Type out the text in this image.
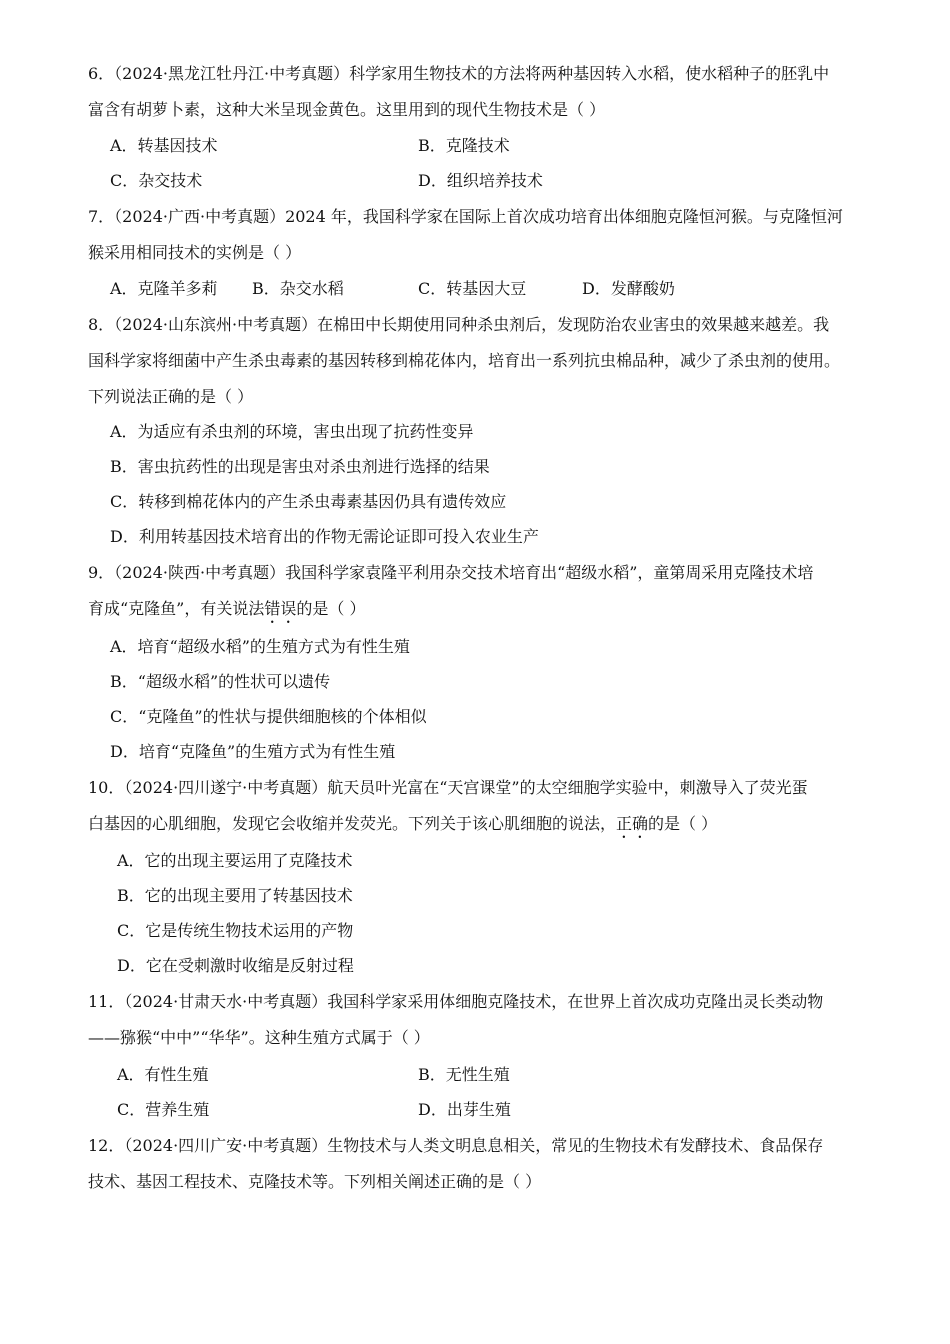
6．（2024·黑龙江牡丹江·中考真题）科学家用生物技术的方法将两种基因转入水稻，使水稻种子的胚乳中
富含有胡萝卜素，这种大米呈现金黄色。这里用到的现代生物技术是（ ）
A．转基因技术	B．克隆技术
C．杂交技术	D．组织培养技术
7．（2024·广西·中考真题）2024 年，我国科学家在国际上首次成功培育出体细胞克隆恒河猴。与克隆恒河
猴采用相同技术的实例是（ ）
A．克隆羊多莉 B．杂交水稻	C．转基因大豆	D．发酵酸奶
8．（2024·山东滨州·中考真题）在棉田中长期使用同种杀虫剂后，发现防治农业害虫的效果越来越差。我
国科学家将细菌中产生杀虫毒素的基因转移到棉花体内，培育出一系列抗虫棉品种，减少了杀虫剂的使用。
下列说法正确的是（ ）
A．为适应有杀虫剂的环境，害虫出现了抗药性变异
B．害虫抗药性的出现是害虫对杀虫剂进行选择的结果
C．转移到棉花体内的产生杀虫毒素基因仍具有遗传效应
D．利用转基因技术培育出的作物无需论证即可投入农业生产
9．（2024·陕西·中考真题）我国科学家袁隆平利用杂交技术培育出“超级水稻”，童第周采用克隆技术培
育成“克隆鱼”，有关说法错误的是（ ）
A．培育“超级水稻”的生殖方式为有性生殖
B．“超级水稻”的性状可以遗传
C．“克隆鱼”的性状与提供细胞核的个体相似
D．培育“克隆鱼”的生殖方式为有性生殖
10．（2024·四川遂宁·中考真题）航天员叶光富在“天宫课堂”的太空细胞学实验中，刺激导入了荧光蛋
白基因的心肌细胞，发现它会收缩并发荧光。下列关于该心肌细胞的说法，正确的是（ ）
A．它的出现主要运用了克隆技术
B．它的出现主要用了转基因技术
C．它是传统生物技术运用的产物
D．它在受刺激时收缩是反射过程
11．（2024·甘肃天水·中考真题）我国科学家采用体细胞克隆技术，在世界上首次成功克隆出灵长类动物
——猕猴“中中”“华华”。这种生殖方式属于（ ）
A．有性生殖	B．无性生殖
C．营养生殖	D．出芽生殖
12．（2024·四川广安·中考真题）生物技术与人类文明息息相关，常见的生物技术有发酵技术、食品保存
技术、基因工程技术、克隆技术等。下列相关阐述正确的是（ ）
